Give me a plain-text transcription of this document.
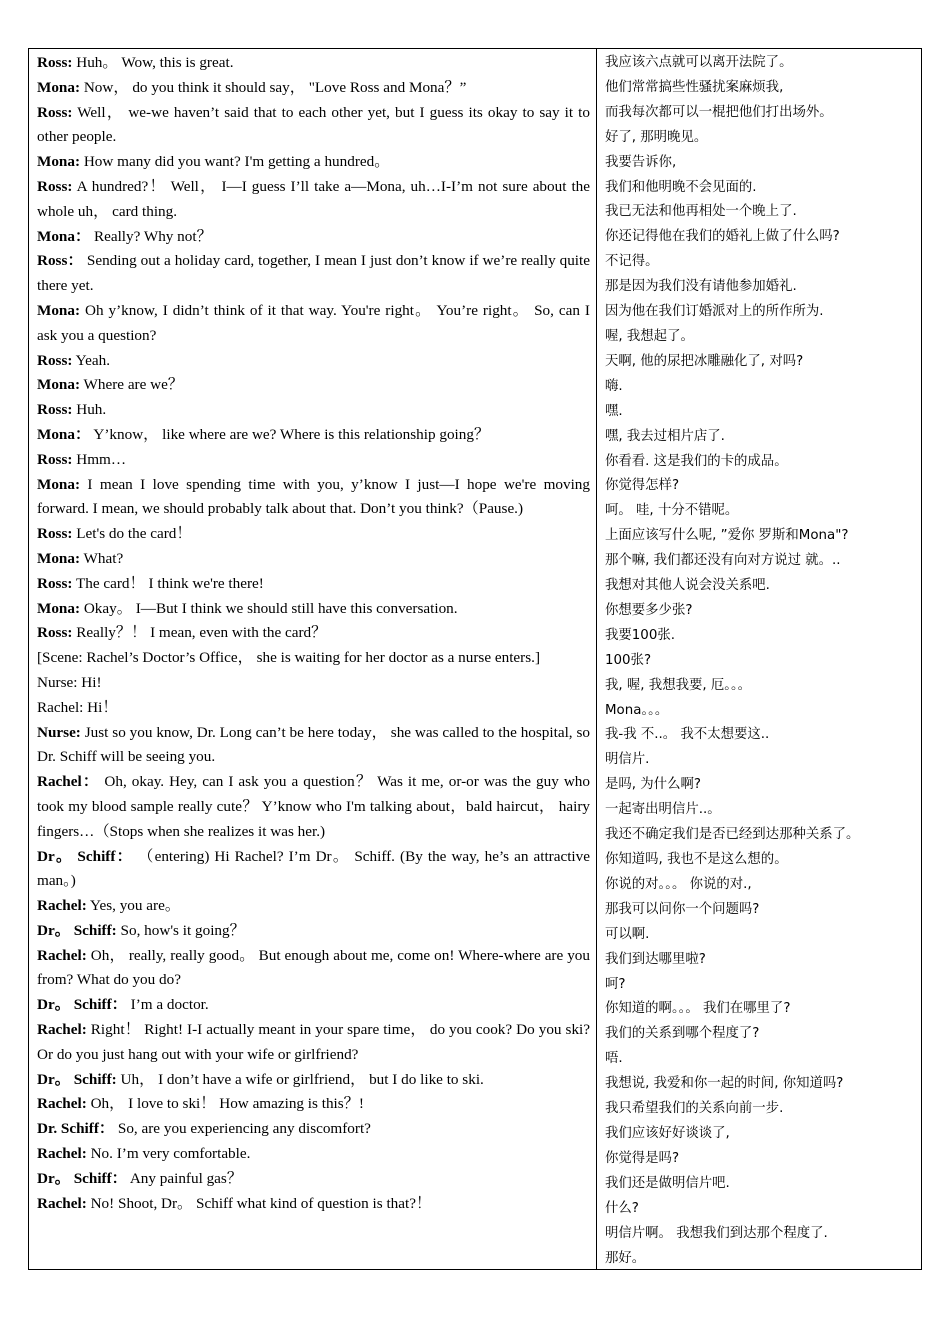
Ross: Huh。 Wow, this is great.

Mona: Now， do you think it should say， "Love Ross and Mona？”

Ross: Well， we-we haven’t said that to each other yet, but I guess its okay to say it to other people.

Mona: How many did you want? I'm getting a hundred。

Ross: A hundred?！ Well， I—I guess I’ll take a—Mona, uh…I-I’m not sure about the whole uh， card thing.

Mona： Really? Why not？

Ross： Sending out a holiday card, together, I mean I just don’t know if we’re really quite there yet.

Mona: Oh y’know, I didn’t think of it that way. You're right。 You’re right。 So, can I ask you a question?

Ross: Yeah.

Mona: Where are we？

Ross: Huh.

Mona： Y’know， like where are we? Where is this relationship going？

Ross: Hmm…

Mona: I mean I love spending time with you, y’know I just—I hope we're moving forward. I mean, we should probably talk about that. Don’t you think?（Pause.)

Ross: Let's do the card！

Mona: What?

Ross: The card！ I think we're there!

Mona: Okay。 I—But I think we should still have this conversation.

Ross: Really？！ I mean, even with the card？

[Scene: Rachel’s Doctor’s Office， she is waiting for her doctor as a nurse enters.]

Nurse: Hi!

Rachel: Hi！

Nurse: Just so you know, Dr. Long can’t be here today， she was called to the hospital, so Dr. Schiff will be seeing you.

Rachel： Oh, okay. Hey, can I ask you a question？ Was it me, or-or was the guy who took my blood sample really cute？ Y’know who I'm talking about，bald haircut， hairy fingers…（Stops when she realizes it was her.)

Dr。 Schiff： （entering) Hi Rachel? I’m Dr。 Schiff. (By the way, he’s an attractive man。)

Rachel: Yes, you are。

Dr。 Schiff: So, how's it going？

Rachel: Oh， really, really good。 But enough about me, come on! Where-where are you from? What do you do?

Dr。 Schiff： I’m a doctor.

Rachel: Right！ Right! I-I actually meant in your spare time， do you cook? Do you ski? Or do you just hang out with your wife or girlfriend?

Dr。 Schiff: Uh， I don’t have a wife or girlfriend， but I do like to ski.

Rachel: Oh， I love to ski！ How amazing is this？!

Dr. Schiff： So, are you experiencing any discomfort?

Rachel: No. I’m very comfortable.

Dr。 Schiff： Any painful gas？

Rachel: No! Shoot, Dr。 Schiff what kind of question is that?！

我应该六点就可以离开法院了。

他们常常搞些性骚扰案麻烦我,

而我每次都可以一棍把他们打出场外。

好了, 那明晚见。

我要告诉你,

我们和他明晚不会见面的.

我已无法和他再相处一个晚上了.

你还记得他在我们的婚礼上做了什么吗?

不记得。

那是因为我们没有请他参加婚礼.

因为他在我们订婚派对上的所作所为.

喔, 我想起了。

天啊, 他的尿把冰雕融化了, 对吗?

嗨.

嘿.

嘿, 我去过相片店了.

你看看. 这是我们的卡的成品。

你觉得怎样?

呵。 哇, 十分不错呢。

上面应该写什么呢, ”爱你 罗斯和Mona"?

那个嘛, 我们都还没有向对方说过 就。..

我想对其他人说会没关系吧.

你想要多少张?

我要100张.

100张?

我, 喔, 我想我要, 厄。。。

Mona。。。

我-我 不..。 我不太想要这..

明信片.

是吗, 为什么啊?

一起寄出明信片..。

我还不确定我们是否已经到达那种关系了。

你知道吗, 我也不是这么想的。

你说的对。。。 你说的对.,

那我可以问你一个问题吗?

可以啊.

我们到达哪里啦?

呵?

你知道的啊。。。 我们在哪里了?

我们的关系到哪个程度了?

唔.

我想说, 我爱和你一起的时间, 你知道吗?

我只希望我们的关系向前一步.

我们应该好好谈谈了,

你觉得是吗?

我们还是做明信片吧.

什么?

明信片啊。 我想我们到达那个程度了.

那好。
